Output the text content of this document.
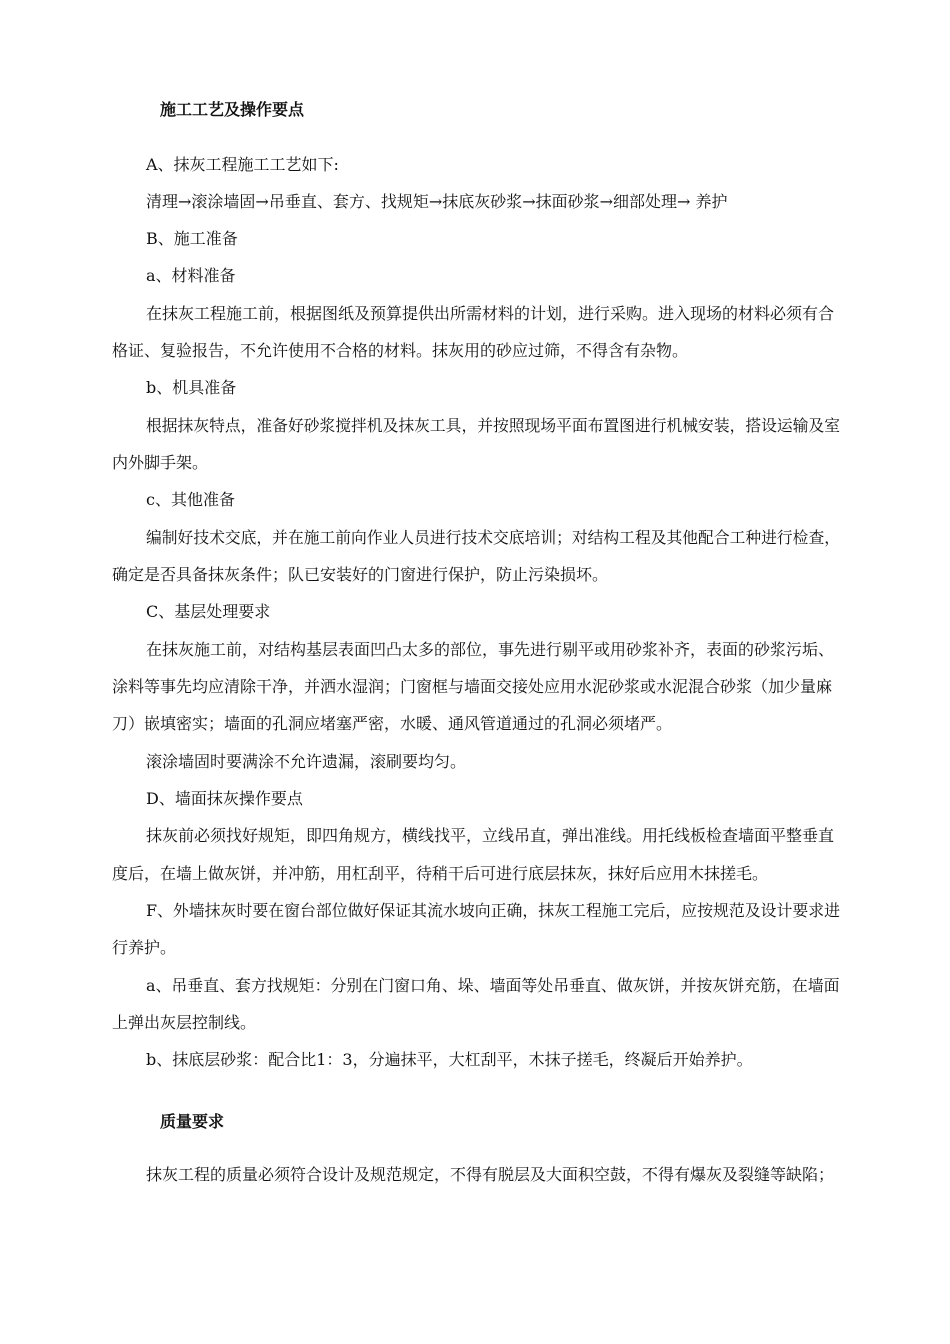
施工工艺及操作要点
A、抹灰工程施工工艺如下:
清理→滚涂墙固→吊垂直、套方、找规矩→抹底灰砂浆→抹面砂浆→细部处理→ 养护
B、施工准备
a、材料准备
在抹灰工程施工前，根据图纸及预算提供出所需材料的计划，进行采购。进入现场的材料必须有合
格证、复验报告，不允许使用不合格的材料。抹灰用的砂应过筛，不得含有杂物。
b、机具准备
根据抹灰特点，准备好砂浆搅拌机及抹灰工具，并按照现场平面布置图进行机械安装，搭设运输及室
内外脚手架。
c、其他准备
编制好技术交底，并在施工前向作业人员进行技术交底培训；对结构工程及其他配合工种进行检查，
确定是否具备抹灰条件；队已安装好的门窗进行保护，防止污染损坏。
C、基层处理要求
在抹灰施工前，对结构基层表面凹凸太多的部位，事先进行剔平或用砂浆补齐，表面的砂浆污垢、
涂料等事先均应清除干净，并洒水湿润；门窗框与墙面交接处应用水泥砂浆或水泥混合砂浆（加少量麻
刀）嵌填密实；墙面的孔洞应堵塞严密，水暖、通风管道通过的孔洞必须堵严。
滚涂墙固时要满涂不允许遗漏，滚刷要均匀。
D、墙面抹灰操作要点
抹灰前必须找好规矩，即四角规方，横线找平，立线吊直，弹出准线。用托线板检查墙面平整垂直
度后，在墙上做灰饼，并冲筋，用杠刮平，待稍干后可进行底层抹灰，抹好后应用木抹搓毛。
F、外墙抹灰时要在窗台部位做好保证其流水坡向正确，抹灰工程施工完后，应按规范及设计要求进
行养护。
a、吊垂直、套方找规矩：分别在门窗口角、垛、墙面等处吊垂直、做灰饼，并按灰饼充筋，在墙面
上弹出灰层控制线。
b、抹底层砂浆：配合比1：3，分遍抹平，大杠刮平，木抹子搓毛，终凝后开始养护。
质量要求
抹灰工程的质量必须符合设计及规范规定，不得有脱层及大面积空鼓，不得有爆灰及裂缝等缺陷；
